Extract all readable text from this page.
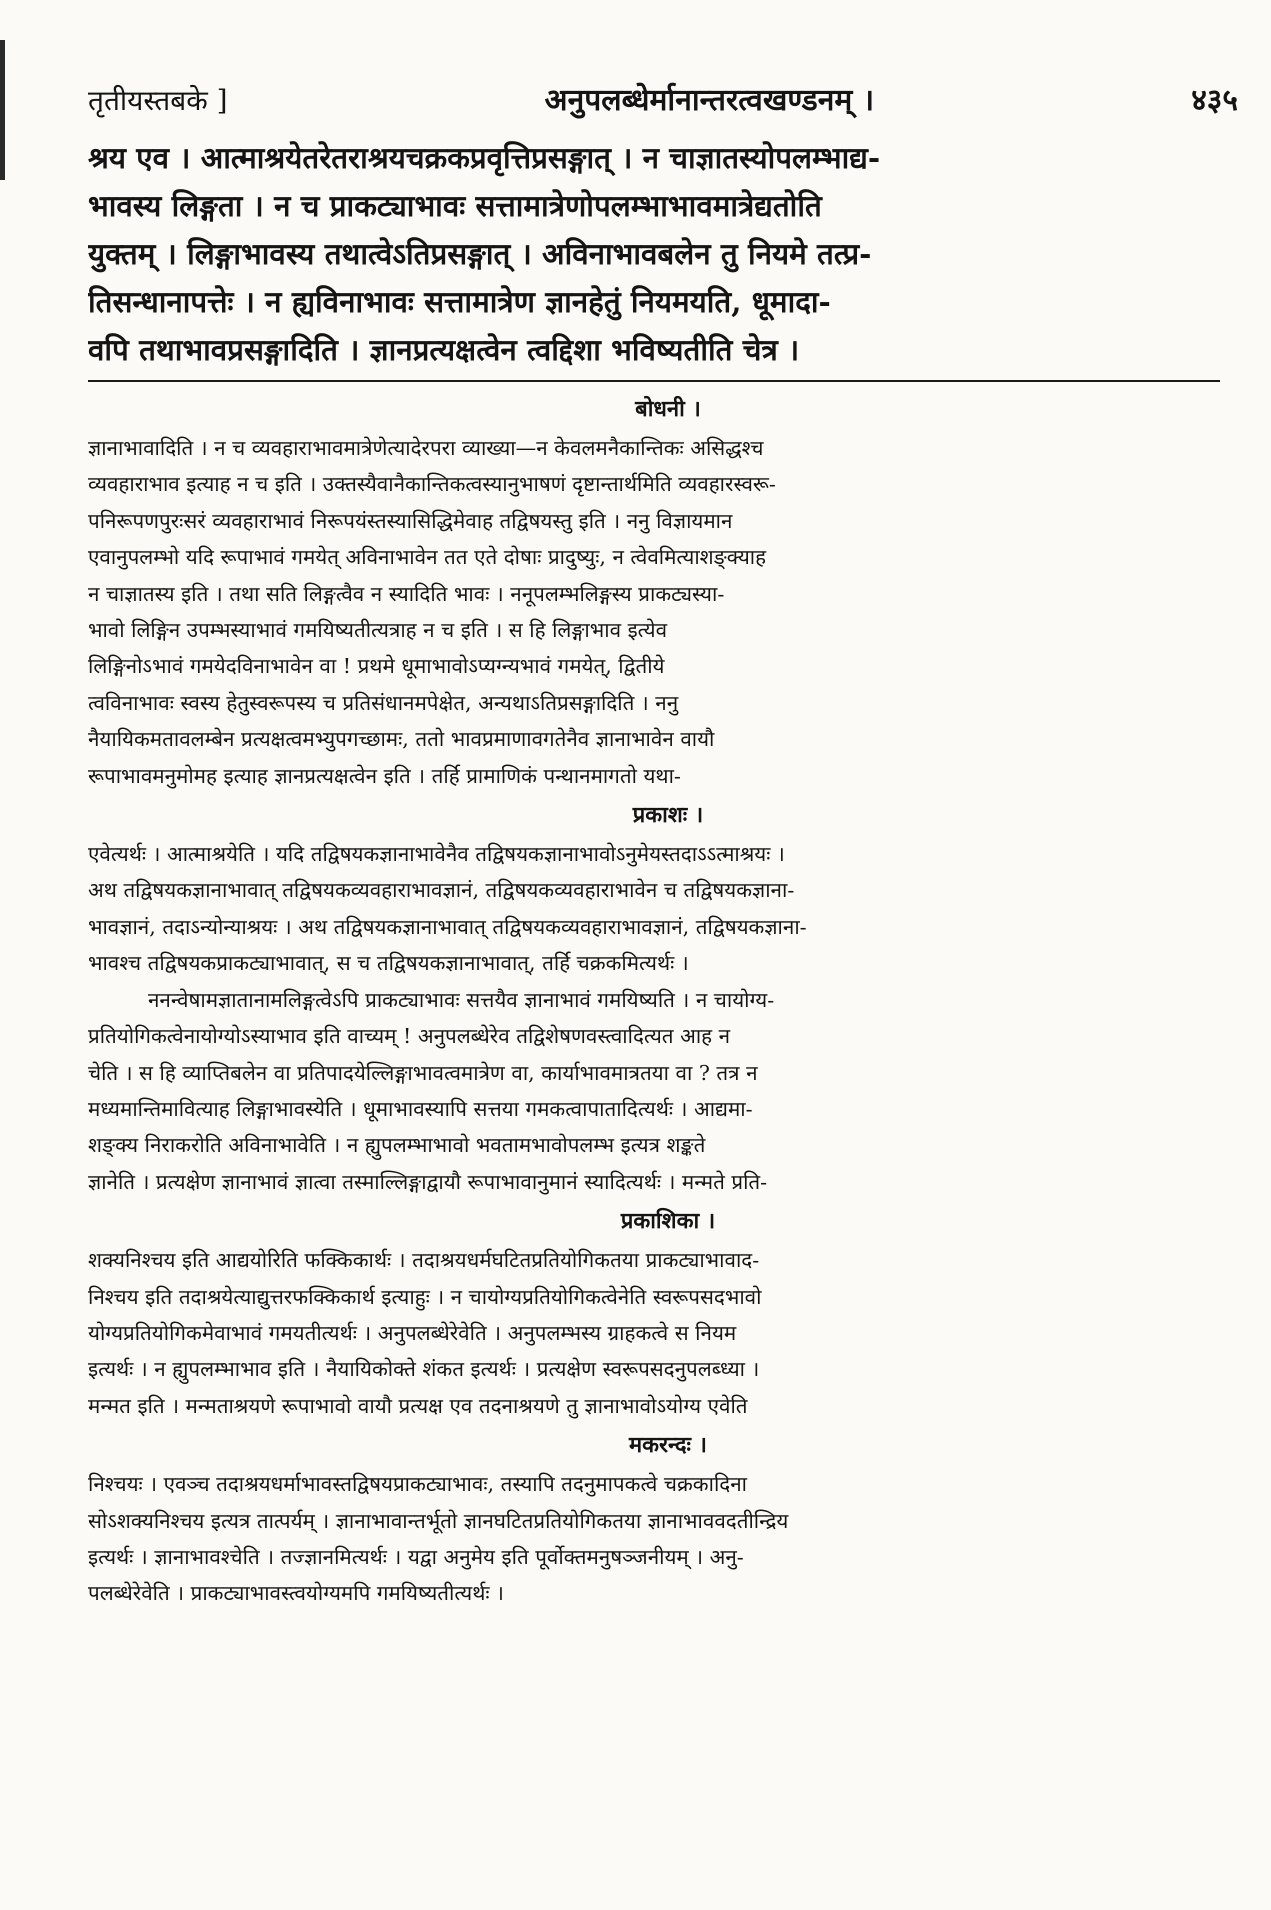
तृतीयस्तबके ]	अनुपलब्धेर्मानान्तरत्वखण्डनम् ।	४३५
श्रय एव । आत्माश्रयेतरेतराश्रयचक्रकप्रवृत्तिप्रसङ्गात् । न चाज्ञातस्योपलम्भाद्य-
भावस्य लिङ्गता । न च प्राकट्याभावः सत्तामात्रेणोपलम्भाभावमात्रेद्यतोति
युक्तम् । लिङ्गाभावस्य तथात्वेऽतिप्रसङ्गात् । अविनाभावबलेन तु नियमे तत्प्र-
तिसन्धानापत्तेः । न ह्यविनाभावः सत्तामात्रेण ज्ञानहेतुं नियमयति, धूमादा-
वपि तथाभावप्रसङ्गादिति । ज्ञानप्रत्यक्षत्वेन त्वद्दिशा भविष्यतीति चेत्र ।
बोधनी ।
ज्ञानाभावादिति । न च व्यवहाराभावमात्रेणेत्यादेरपरा व्याख्या—न केवलमनैकान्तिकः असिद्धश्च
व्यवहाराभाव इत्याह न च इति । उक्तस्यैवानैकान्तिकत्वस्यानुभाषणं दृष्टान्तार्थमिति व्यवहारस्वरू-
पनिरूपणपुरःसरं व्यवहाराभावं निरूपयंस्तस्यासिद्धिमेवाह तद्विषयस्तु इति । ननु विज्ञायमान
एवानुपलम्भो यदि रूपाभावं गमयेत् अविनाभावेन तत एते दोषाः प्रादुष्युः, न त्वेवमित्याशङ्क्याह
न चाज्ञातस्य इति । तथा सति लिङ्गत्वैव न स्यादिति भावः । ननूपलम्भलिङ्गस्य प्राकट्यस्या-
भावो लिङ्गिन उपम्भस्याभावं गमयिष्यतीत्यत्राह न च इति । स हि लिङ्गाभाव इत्येव
लिङ्गिनोऽभावं गमयेदविनाभावेन वा ! प्रथमे धूमाभावोऽप्यग्न्यभावं गमयेत्, द्वितीये
त्वविनाभावः स्वस्य हेतुस्वरूपस्य च प्रतिसंधानमपेक्षेत, अन्यथाऽतिप्रसङ्गादिति । ननु
नैयायिकमतावलम्बेन प्रत्यक्षत्वमभ्युपगच्छामः, ततो भावप्रमाणावगतेनैव ज्ञानाभावेन वायौ
रूपाभावमनुमोमह इत्याह ज्ञानप्रत्यक्षत्वेन इति । तर्हि प्रामाणिकं पन्थानमागतो यथा-
प्रकाशः ।
एवेत्यर्थः । आत्माश्रयेति । यदि तद्विषयकज्ञानाभावेनैव तद्विषयकज्ञानाभावोऽनुमेयस्तदाऽऽत्माश्रयः ।
अथ तद्विषयकज्ञानाभावात् तद्विषयकव्यवहाराभावज्ञानं, तद्विषयकव्यवहाराभावेन च तद्विषयकज्ञाना-
भावज्ञानं, तदाऽन्योन्याश्रयः । अथ तद्विषयकज्ञानाभावात् तद्विषयकव्यवहाराभावज्ञानं, तद्विषयकज्ञाना-
भावश्च तद्विषयकप्राकट्याभावात्, स च तद्विषयकज्ञानाभावात्, तर्हि चक्रकमित्यर्थः ।
ननन्वेषामज्ञातानामलिङ्गत्वेऽपि प्राकट्याभावः सत्तयैव ज्ञानाभावं गमयिष्यति । न चायोग्य-
प्रतियोगिकत्वेनायोग्योऽस्याभाव इति वाच्यम् ! अनुपलब्धेरेव तद्विशेषणवस्त्वादित्यत आह न
चेति । स हि व्याप्तिबलेन वा प्रतिपादयेल्लिङ्गाभावत्वमात्रेण वा, कार्याभावमात्रतया वा ? तत्र न
मध्यमान्तिमावित्याह लिङ्गाभावस्येति । धूमाभावस्यापि सत्तया गमकत्वापातादित्यर्थः । आद्यमा-
शङ्क्य निराकरोति अविनाभावेति । न ह्युपलम्भाभावो भवतामभावोपलम्भ इत्यत्र शङ्कते
ज्ञानेति । प्रत्यक्षेण ज्ञानाभावं ज्ञात्वा तस्माल्लिङ्गाद्वायौ रूपाभावानुमानं स्यादित्यर्थः । मन्मते प्रति-
प्रकाशिका ।
शक्यनिश्चय इति आद्ययोरिति फक्किकार्थः । तदाश्रयधर्मघटितप्रतियोगिकतया प्राकट्याभावाद-
निश्चय इति तदाश्रयेत्याद्युत्तरफक्किकार्थ इत्याहुः । न चायोग्यप्रतियोगिकत्वेनेति स्वरूपसदभावो
योग्यप्रतियोगिकमेवाभावं गमयतीत्यर्थः । अनुपलब्धेरेवेति । अनुपलम्भस्य ग्राहकत्वे स नियम
इत्यर्थः । न ह्युपलम्भाभाव इति । नैयायिकोक्ते शंकत इत्यर्थः । प्रत्यक्षेण स्वरूपसदनुपलब्ध्या ।
मन्मत इति । मन्मताश्रयणे रूपाभावो वायौ प्रत्यक्ष एव तदनाश्रयणे तु ज्ञानाभावोऽयोग्य एवेति
मकरन्दः ।
निश्चयः । एवञ्च तदाश्रयधर्माभावस्तद्विषयप्राकट्याभावः, तस्यापि तदनुमापकत्वे चक्रकादिना
सोऽशक्यनिश्चय इत्यत्र तात्पर्यम् । ज्ञानाभावान्तर्भूतो ज्ञानघटितप्रतियोगिकतया ज्ञानाभाववदतीन्द्रिय
इत्यर्थः । ज्ञानाभावश्चेति । तज्ज्ञानमित्यर्थः । यद्वा अनुमेय इति पूर्वोक्तमनुषञ्जनीयम् । अनु-
पलब्धेरेवेति । प्राकट्याभावस्त्वयोग्यमपि गमयिष्यतीत्यर्थः ।
